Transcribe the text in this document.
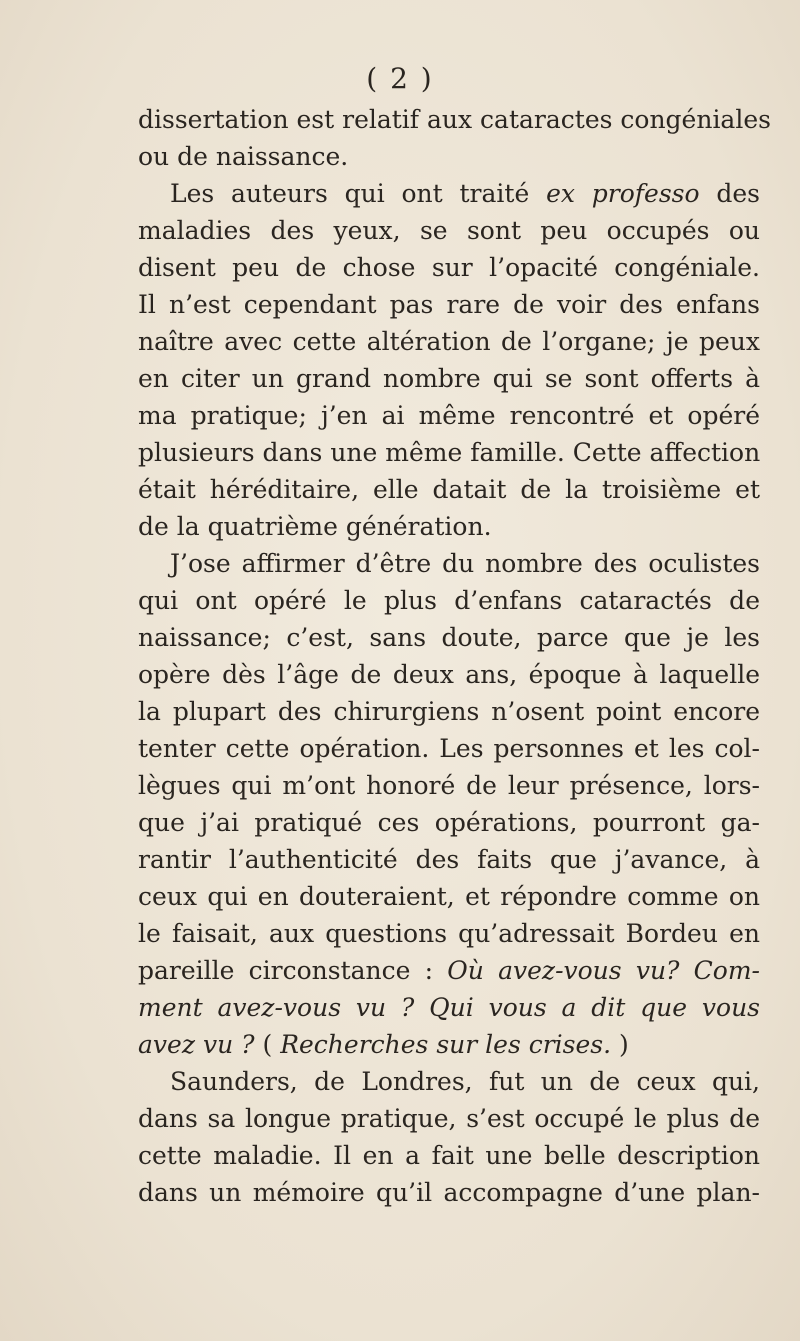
( 2 )
dissertation est relatif aux cataractes congéniales
ou de naissance.
Les auteurs qui ont traité ex professo des
maladies des yeux, se sont peu occupés ou
disent peu de chose sur l’opacité congéniale.
Il n’est cependant pas rare de voir des enfans
naître avec cette altération de l’organe; je peux
en citer un grand nombre qui se sont offerts à
ma pratique; j’en ai même rencontré et opéré
plusieurs dans une même famille. Cette affection
était héréditaire, elle datait de la troisième et
de la quatrième génération.
J’ose affirmer d’être du nombre des oculistes
qui ont opéré le plus d’enfans cataractés de
naissance; c’est, sans doute, parce que je les
opère dès l’âge de deux ans, époque à laquelle
la plupart des chirurgiens n’osent point encore
tenter cette opération. Les personnes et les col-
lègues qui m’ont honoré de leur présence, lors-
que j’ai pratiqué ces opérations, pourront ga-
rantir l’authenticité des faits que j’avance, à
ceux qui en douteraient, et répondre comme on
le faisait, aux questions qu’adressait Bordeu en
pareille circonstance : Où avez-vous vu? Com-
ment avez-vous vu ? Qui vous a dit que vous
avez vu ? ( Recherches sur les crises. )
Saunders, de Londres, fut un de ceux qui,
dans sa longue pratique, s’est occupé le plus de
cette maladie. Il en a fait une belle description
dans un mémoire qu’il accompagne d’une plan-
